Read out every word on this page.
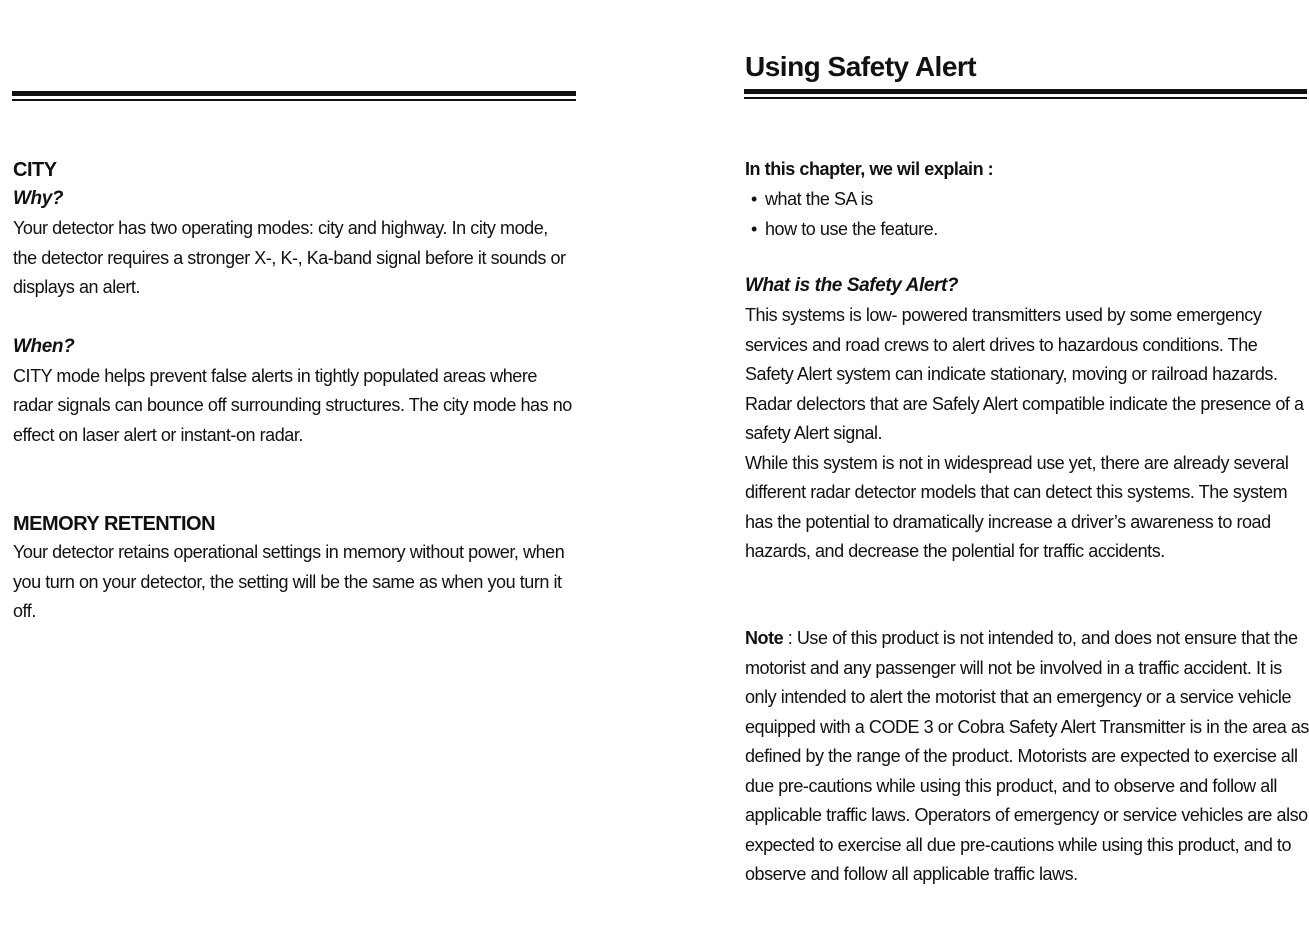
CITY
Why?

Your detector has two operating modes: city and highway. In city mode, the detector requires a stronger X-, K-, Ka-band signal before it sounds or displays an alert.

When?

CITY mode helps prevent false alerts in tightly populated areas where radar signals can bounce off surrounding structures. The city mode has no effect on laser alert or instant-on radar.

MEMORY RETENTION

Your detector retains operational settings in memory without power, when you turn on your detector, the setting will be the same as when you turn it off.

Using Safety Alert
In this chapter, we wil explain :
• what the SA is
• how to use the feature.
What is the Safety Alert?

This systems is low- powered transmitters used by some emergency services and road crews to alert drives to hazardous conditions. The Safety Alert system can indicate stationary, moving or railroad hazards. Radar delectors that are Safely Alert compatible indicate the presence of a safety Alert signal.

While this system is not in widespread use yet, there are already several different radar detector models that can detect this systems. The system has the potential to dramatically increase a driver’s awareness to road hazards, and decrease the polential for traffic accidents.

Note : Use of this product is not intended to, and does not ensure that the motorist and any passenger will not be involved in a traffic accident. It is only intended to alert the motorist that an emergency or a service vehicle equipped with a CODE 3 or Cobra Safety Alert Transmitter is in the area as defined by the range of the product. Motorists are expected to exercise all due pre-cautions while using this product, and to observe and follow all applicable traffic laws. Operators of emergency or service vehicles are also expected to exercise all due pre-cautions while using this product, and to observe and follow all applicable traffic laws.
